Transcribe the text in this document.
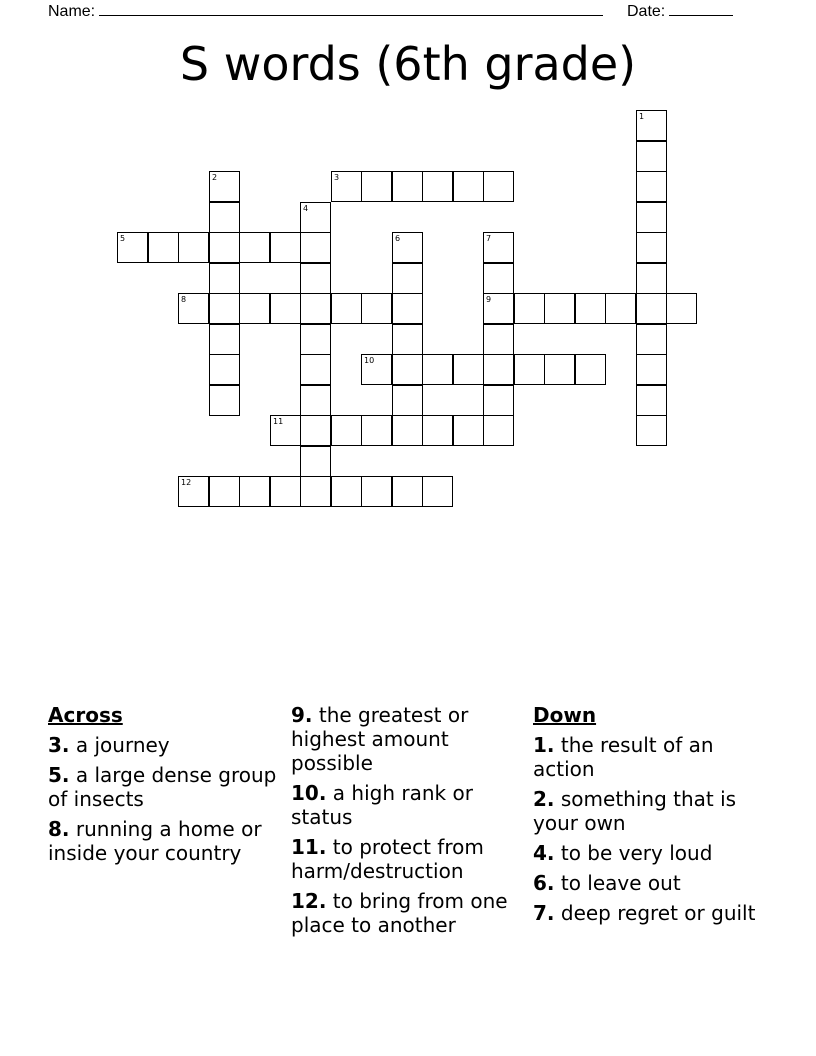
Name:	Date:
S words (6th grade)
1
2	3
4
5	6	7
9
8
10
11
12
Across
3. a journey
5. a large dense group of insects
8. running a home or inside your country
9. the greatest or highest amount possible
10. a high rank or status
11. to protect from harm/destruction
12. to bring from one place to another
Down
1. the result of an action
2. something that is your own
4. to be very loud
6. to leave out
7. deep regret or guilt
